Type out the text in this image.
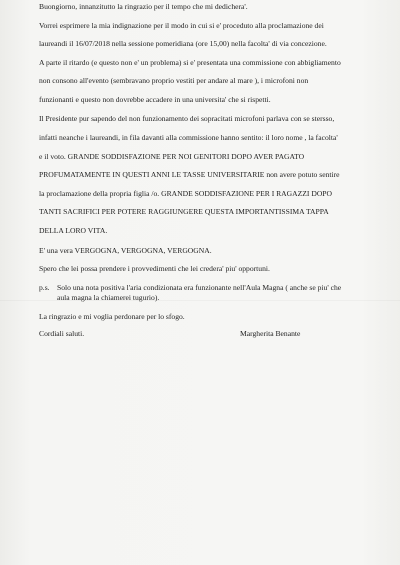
Buongiorno, innanzitutto la ringrazio per il tempo che mi dedichera'.
Vorrei esprimere la mia indignazione per il modo in cui si e' proceduto alla proclamazione dei
laureandi il 16/07/2018 nella sessione pomeridiana (ore 15,00) nella facolta' di via concezione.
A parte il ritardo (e questo non e' un problema) si e' presentata una commissione con abbigliamento
non consono all'evento (sembravano proprio vestiti per andare al mare ), i microfoni non
funzionanti e questo non dovrebbe accadere in una universita' che si rispetti.
Il Presidente pur sapendo del non funzionamento dei sopracitati microfoni parlava con se stersso,
infatti neanche i laureandi, in fila davanti alla commissione hanno sentito: il loro nome , la facolta'
e il voto. GRANDE SODDISFAZIONE PER NOI GENITORI DOPO AVER PAGATO
PROFUMATAMENTE IN QUESTI ANNI LE TASSE UNIVERSITARIE non avere potuto sentire
la proclamazione della propria figlia /o. GRANDE SODDISFAZIONE PER I RAGAZZI DOPO
TANTI SACRIFICI PER POTERE RAGGIUNGERE QUESTA IMPORTANTISSIMA TAPPA
DELLA LORO VITA.
E' una vera VERGOGNA, VERGOGNA, VERGOGNA.
Spero che lei possa prendere i provvedimenti che lei credera' piu' opportuni.
p.s. Solo una nota positiva l'aria condizionata era funzionante nell'Aula Magna ( anche se piu' che
aula magna la chiamerei tugurio).
La ringrazio e mi voglia perdonare per lo sfogo.
Cordiali saluti.	Margherita Benante
